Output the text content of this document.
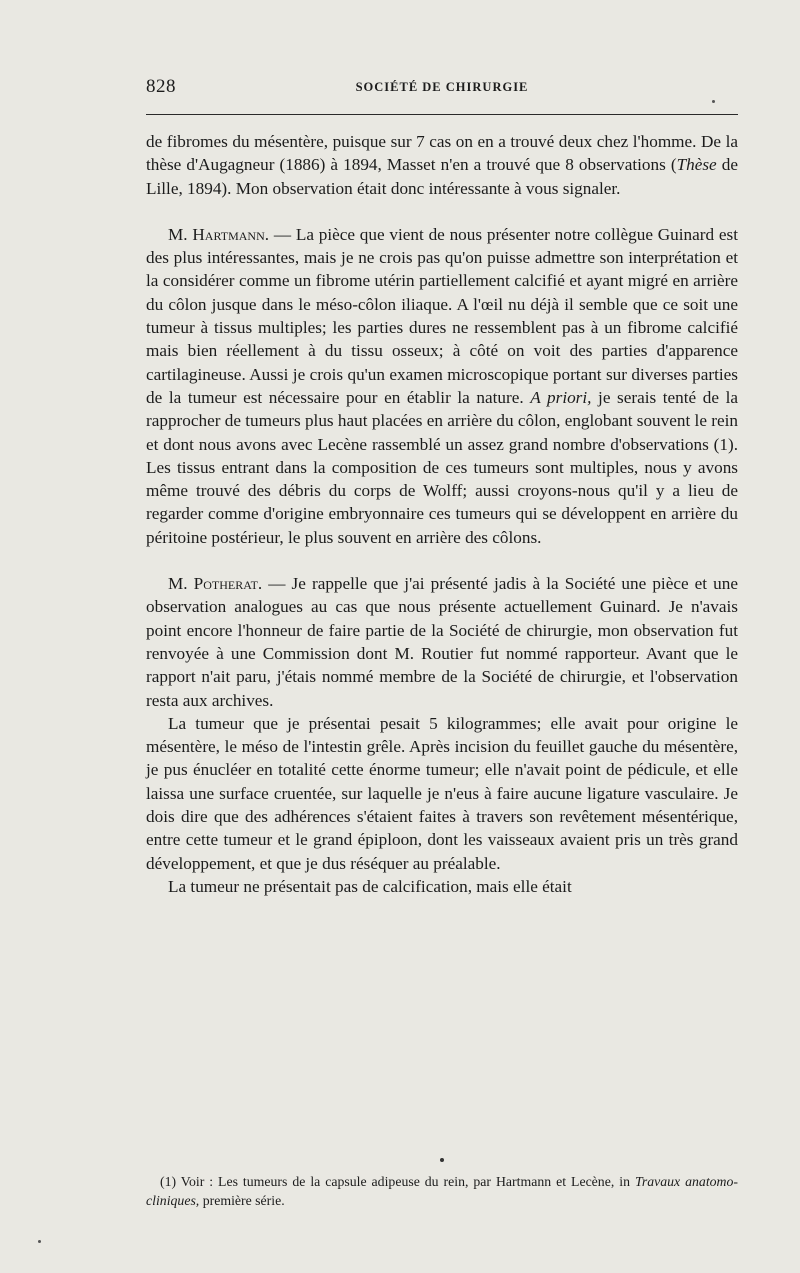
828	SOCIÉTÉ DE CHIRURGIE

de fibromes du mésentère, puisque sur 7 cas on en a trouvé deux chez l'homme. De la thèse d'Augagneur (1886) à 1894, Masset n'en a trouvé que 8 observations (Thèse de Lille, 1894). Mon observation était donc intéressante à vous signaler.

M. Hartmann. — La pièce que vient de nous présenter notre collègue Guinard est des plus intéressantes, mais je ne crois pas qu'on puisse admettre son interprétation et la considérer comme un fibrome utérin partiellement calcifié et ayant migré en arrière du côlon jusque dans le méso-côlon iliaque. A l'œil nu déjà il semble que ce soit une tumeur à tissus multiples; les parties dures ne ressemblent pas à un fibrome calcifié mais bien réellement à du tissu osseux; à côté on voit des parties d'apparence cartilagineuse. Aussi je crois qu'un examen microscopique portant sur diverses parties de la tumeur est nécessaire pour en établir la nature. A priori, je serais tenté de la rapprocher de tumeurs plus haut placées en arrière du côlon, englobant souvent le rein et dont nous avons avec Lecène rassemblé un assez grand nombre d'observations (1). Les tissus entrant dans la composition de ces tumeurs sont multiples, nous y avons même trouvé des débris du corps de Wolff; aussi croyons-nous qu'il y a lieu de regarder comme d'origine embryonnaire ces tumeurs qui se développent en arrière du péritoine postérieur, le plus souvent en arrière des côlons.

M. Potherat. — Je rappelle que j'ai présenté jadis à la Société une pièce et une observation analogues au cas que nous présente actuellement Guinard. Je n'avais point encore l'honneur de faire partie de la Société de chirurgie, mon observation fut renvoyée à une Commission dont M. Routier fut nommé rapporteur. Avant que le rapport n'ait paru, j'étais nommé membre de la Société de chirurgie, et l'observation resta aux archives.

La tumeur que je présentai pesait 5 kilogrammes; elle avait pour origine le mésentère, le méso de l'intestin grêle. Après incision du feuillet gauche du mésentère, je pus énucléer en totalité cette énorme tumeur; elle n'avait point de pédicule, et elle laissa une surface cruentée, sur laquelle je n'eus à faire aucune ligature vasculaire. Je dois dire que des adhérences s'étaient faites à travers son revêtement mésentérique, entre cette tumeur et le grand épiploon, dont les vaisseaux avaient pris un très grand développement, et que je dus réséquer au préalable.

La tumeur ne présentait pas de calcification, mais elle était

(1) Voir : Les tumeurs de la capsule adipeuse du rein, par Hartmann et Lecène, in Travaux anatomo-cliniques, première série.
